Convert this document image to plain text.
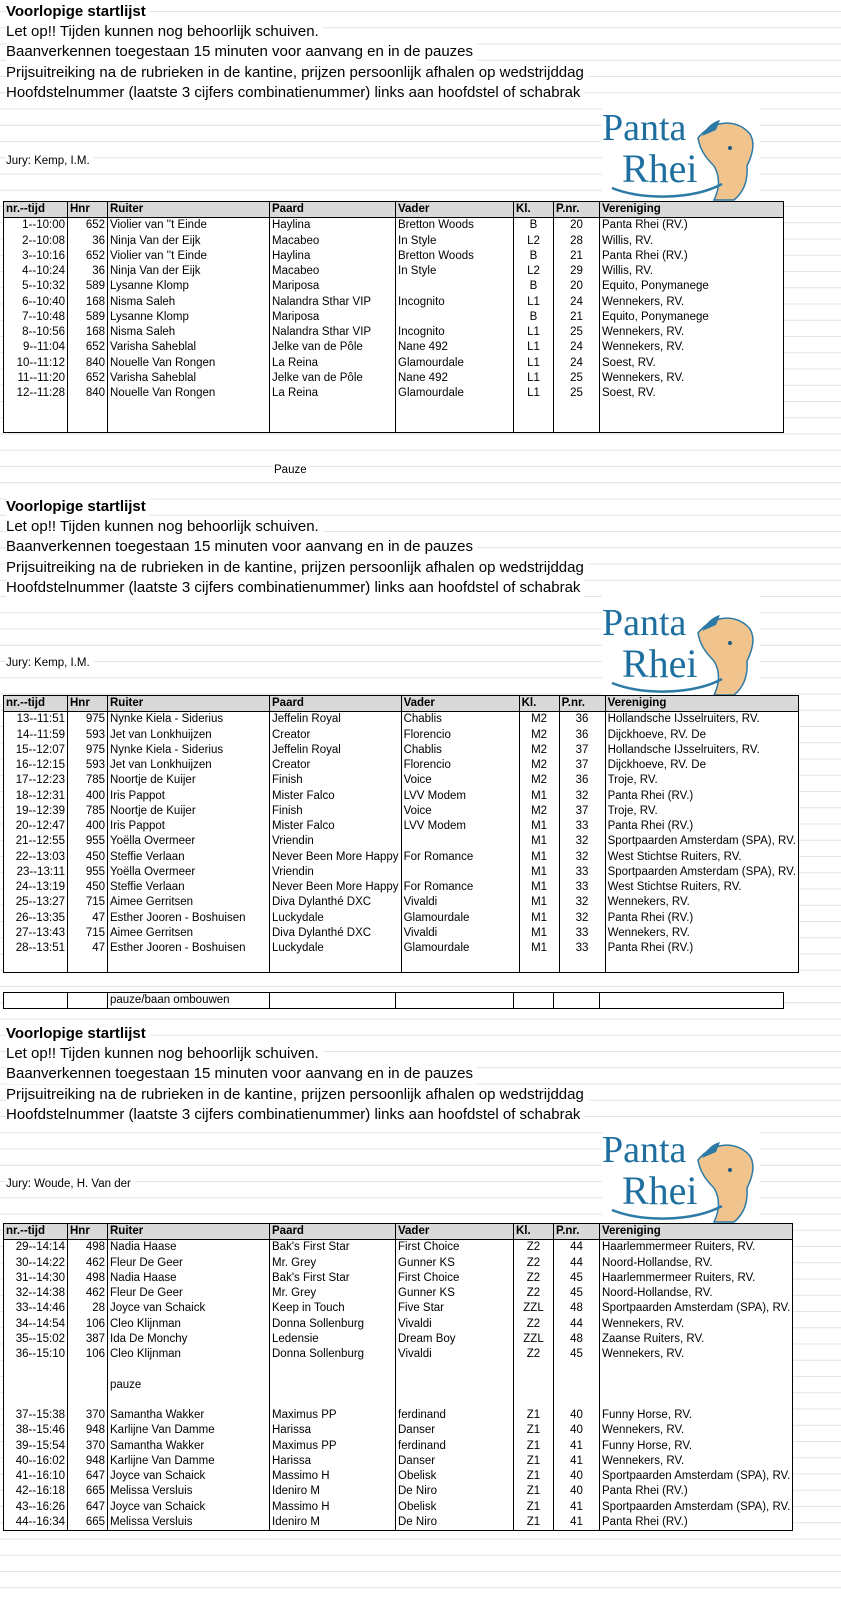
Voorlopige startlijst
Let op!! Tijden kunnen nog behoorlijk schuiven.
Baanverkennen toegestaan 15 minuten voor aanvang en in de pauzes
Prijsuitreiking na de rubrieken in de kantine, prijzen persoonlijk afhalen op wedstrijddag
Hoofdstelnummer (laatste 3 cijfers combinatienummer) links aan hoofdstel of schabrak
Panta
Rhei
Jury: Kemp, I.M.
nr.--tijd	Hnr	Ruiter	Paard	Vader	Kl.	P.nr.	Vereniging
1--10:00	652	Violier van ''t Einde	Haylina	Bretton Woods	B	20	Panta Rhei (RV.)
2--10:08	36	Ninja Van der Eijk	Macabeo	In Style	L2	28	Willis, RV.
3--10:16	652	Violier van ''t Einde	Haylina	Bretton Woods	B	21	Panta Rhei (RV.)
4--10:24	36	Ninja Van der Eijk	Macabeo	In Style	L2	29	Willis, RV.
5--10:32	589	Lysanne Klomp	Mariposa		B	20	Equito, Ponymanege
6--10:40	168	Nisma Saleh	Nalandra Sthar VIP	Incognito	L1	24	Wennekers, RV.
7--10:48	589	Lysanne Klomp	Mariposa		B	21	Equito, Ponymanege
8--10:56	168	Nisma Saleh	Nalandra Sthar VIP	Incognito	L1	25	Wennekers, RV.
9--11:04	652	Varisha Saheblal	Jelke van de Pôle	Nane 492	L1	24	Wennekers, RV.
10--11:12	840	Nouelle Van Rongen	La Reina	Glamourdale	L1	24	Soest, RV.
11--11:20	652	Varisha Saheblal	Jelke van de Pôle	Nane 492	L1	25	Wennekers, RV.
12--11:28	840	Nouelle Van Rongen	La Reina	Glamourdale	L1	25	Soest, RV.

Pauze
Voorlopige startlijst
Let op!! Tijden kunnen nog behoorlijk schuiven.
Baanverkennen toegestaan 15 minuten voor aanvang en in de pauzes
Prijsuitreiking na de rubrieken in de kantine, prijzen persoonlijk afhalen op wedstrijddag
Hoofdstelnummer (laatste 3 cijfers combinatienummer) links aan hoofdstel of schabrak
Panta
Rhei
Jury: Kemp, I.M.
nr.--tijd	Hnr	Ruiter	Paard	Vader	Kl.	P.nr.	Vereniging
13--11:51	975	Nynke Kiela - Siderius	Jeffelin Royal	Chablis	M2	36	Hollandsche IJsselruiters, RV.
14--11:59	593	Jet van Lonkhuijzen	Creator	Florencio	M2	36	Dijckhoeve, RV. De
15--12:07	975	Nynke Kiela - Siderius	Jeffelin Royal	Chablis	M2	37	Hollandsche IJsselruiters, RV.
16--12:15	593	Jet van Lonkhuijzen	Creator	Florencio	M2	37	Dijckhoeve, RV. De
17--12:23	785	Noortje de Kuijer	Finish	Voice	M2	36	Troje, RV.
18--12:31	400	Iris Pappot	Mister Falco	LVV Modem	M1	32	Panta Rhei (RV.)
19--12:39	785	Noortje de Kuijer	Finish	Voice	M2	37	Troje, RV.
20--12:47	400	Iris Pappot	Mister Falco	LVV Modem	M1	33	Panta Rhei (RV.)
21--12:55	955	Yoëlla Overmeer	Vriendin		M1	32	Sportpaarden Amsterdam (SPA), RV.
22--13:03	450	Steffie Verlaan	Never Been More Happy	For Romance	M1	32	West Stichtse Ruiters, RV.
23--13:11	955	Yoëlla Overmeer	Vriendin		M1	33	Sportpaarden Amsterdam (SPA), RV.
24--13:19	450	Steffie Verlaan	Never Been More Happy	For Romance	M1	33	West Stichtse Ruiters, RV.
25--13:27	715	Aimee Gerritsen	Diva Dylanthé DXC	Vivaldi	M1	32	Wennekers, RV.
26--13:35	47	Esther Jooren - Boshuisen	Luckydale	Glamourdale	M1	32	Panta Rhei (RV.)
27--13:43	715	Aimee Gerritsen	Diva Dylanthé DXC	Vivaldi	M1	33	Wennekers, RV.
28--13:51	47	Esther Jooren - Boshuisen	Luckydale	Glamourdale	M1	33	Panta Rhei (RV.)

		pauze/baan ombouwen					
Voorlopige startlijst
Let op!! Tijden kunnen nog behoorlijk schuiven.
Baanverkennen toegestaan 15 minuten voor aanvang en in de pauzes
Prijsuitreiking na de rubrieken in de kantine, prijzen persoonlijk afhalen op wedstrijddag
Hoofdstelnummer (laatste 3 cijfers combinatienummer) links aan hoofdstel of schabrak
Panta
Rhei
Jury: Woude, H. Van der
nr.--tijd	Hnr	Ruiter	Paard	Vader	Kl.	P.nr.	Vereniging
29--14:14	498	Nadia Haase	Bak's First Star	First Choice	Z2	44	Haarlemmermeer Ruiters, RV.
30--14:22	462	Fleur De Geer	Mr. Grey	Gunner KS	Z2	44	Noord-Hollandse, RV.
31--14:30	498	Nadia Haase	Bak's First Star	First Choice	Z2	45	Haarlemmermeer Ruiters, RV.
32--14:38	462	Fleur De Geer	Mr. Grey	Gunner KS	Z2	45	Noord-Hollandse, RV.
33--14:46	28	Joyce van Schaick	Keep in Touch	Five Star	ZZL	48	Sportpaarden Amsterdam (SPA), RV.
34--14:54	106	Cleo Klijnman	Donna Sollenburg	Vivaldi	Z2	44	Wennekers, RV.
35--15:02	387	Ida De Monchy	Ledensie	Dream Boy	ZZL	48	Zaanse Ruiters, RV.
36--15:10	106	Cleo Klijnman	Donna Sollenburg	Vivaldi	Z2	45	Wennekers, RV.

		pauze					

37--15:38	370	Samantha Wakker	Maximus PP	ferdinand	Z1	40	Funny Horse, RV.
38--15:46	948	Karlijne Van Damme	Harissa	Danser	Z1	40	Wennekers, RV.
39--15:54	370	Samantha Wakker	Maximus PP	ferdinand	Z1	41	Funny Horse, RV.
40--16:02	948	Karlijne Van Damme	Harissa	Danser	Z1	41	Wennekers, RV.
41--16:10	647	Joyce van Schaick	Massimo H	Obelisk	Z1	40	Sportpaarden Amsterdam (SPA), RV.
42--16:18	665	Melissa Versluis	Ideniro M	De Niro	Z1	40	Panta Rhei (RV.)
43--16:26	647	Joyce van Schaick	Massimo H	Obelisk	Z1	41	Sportpaarden Amsterdam (SPA), RV.
44--16:34	665	Melissa Versluis	Ideniro M	De Niro	Z1	41	Panta Rhei (RV.)
